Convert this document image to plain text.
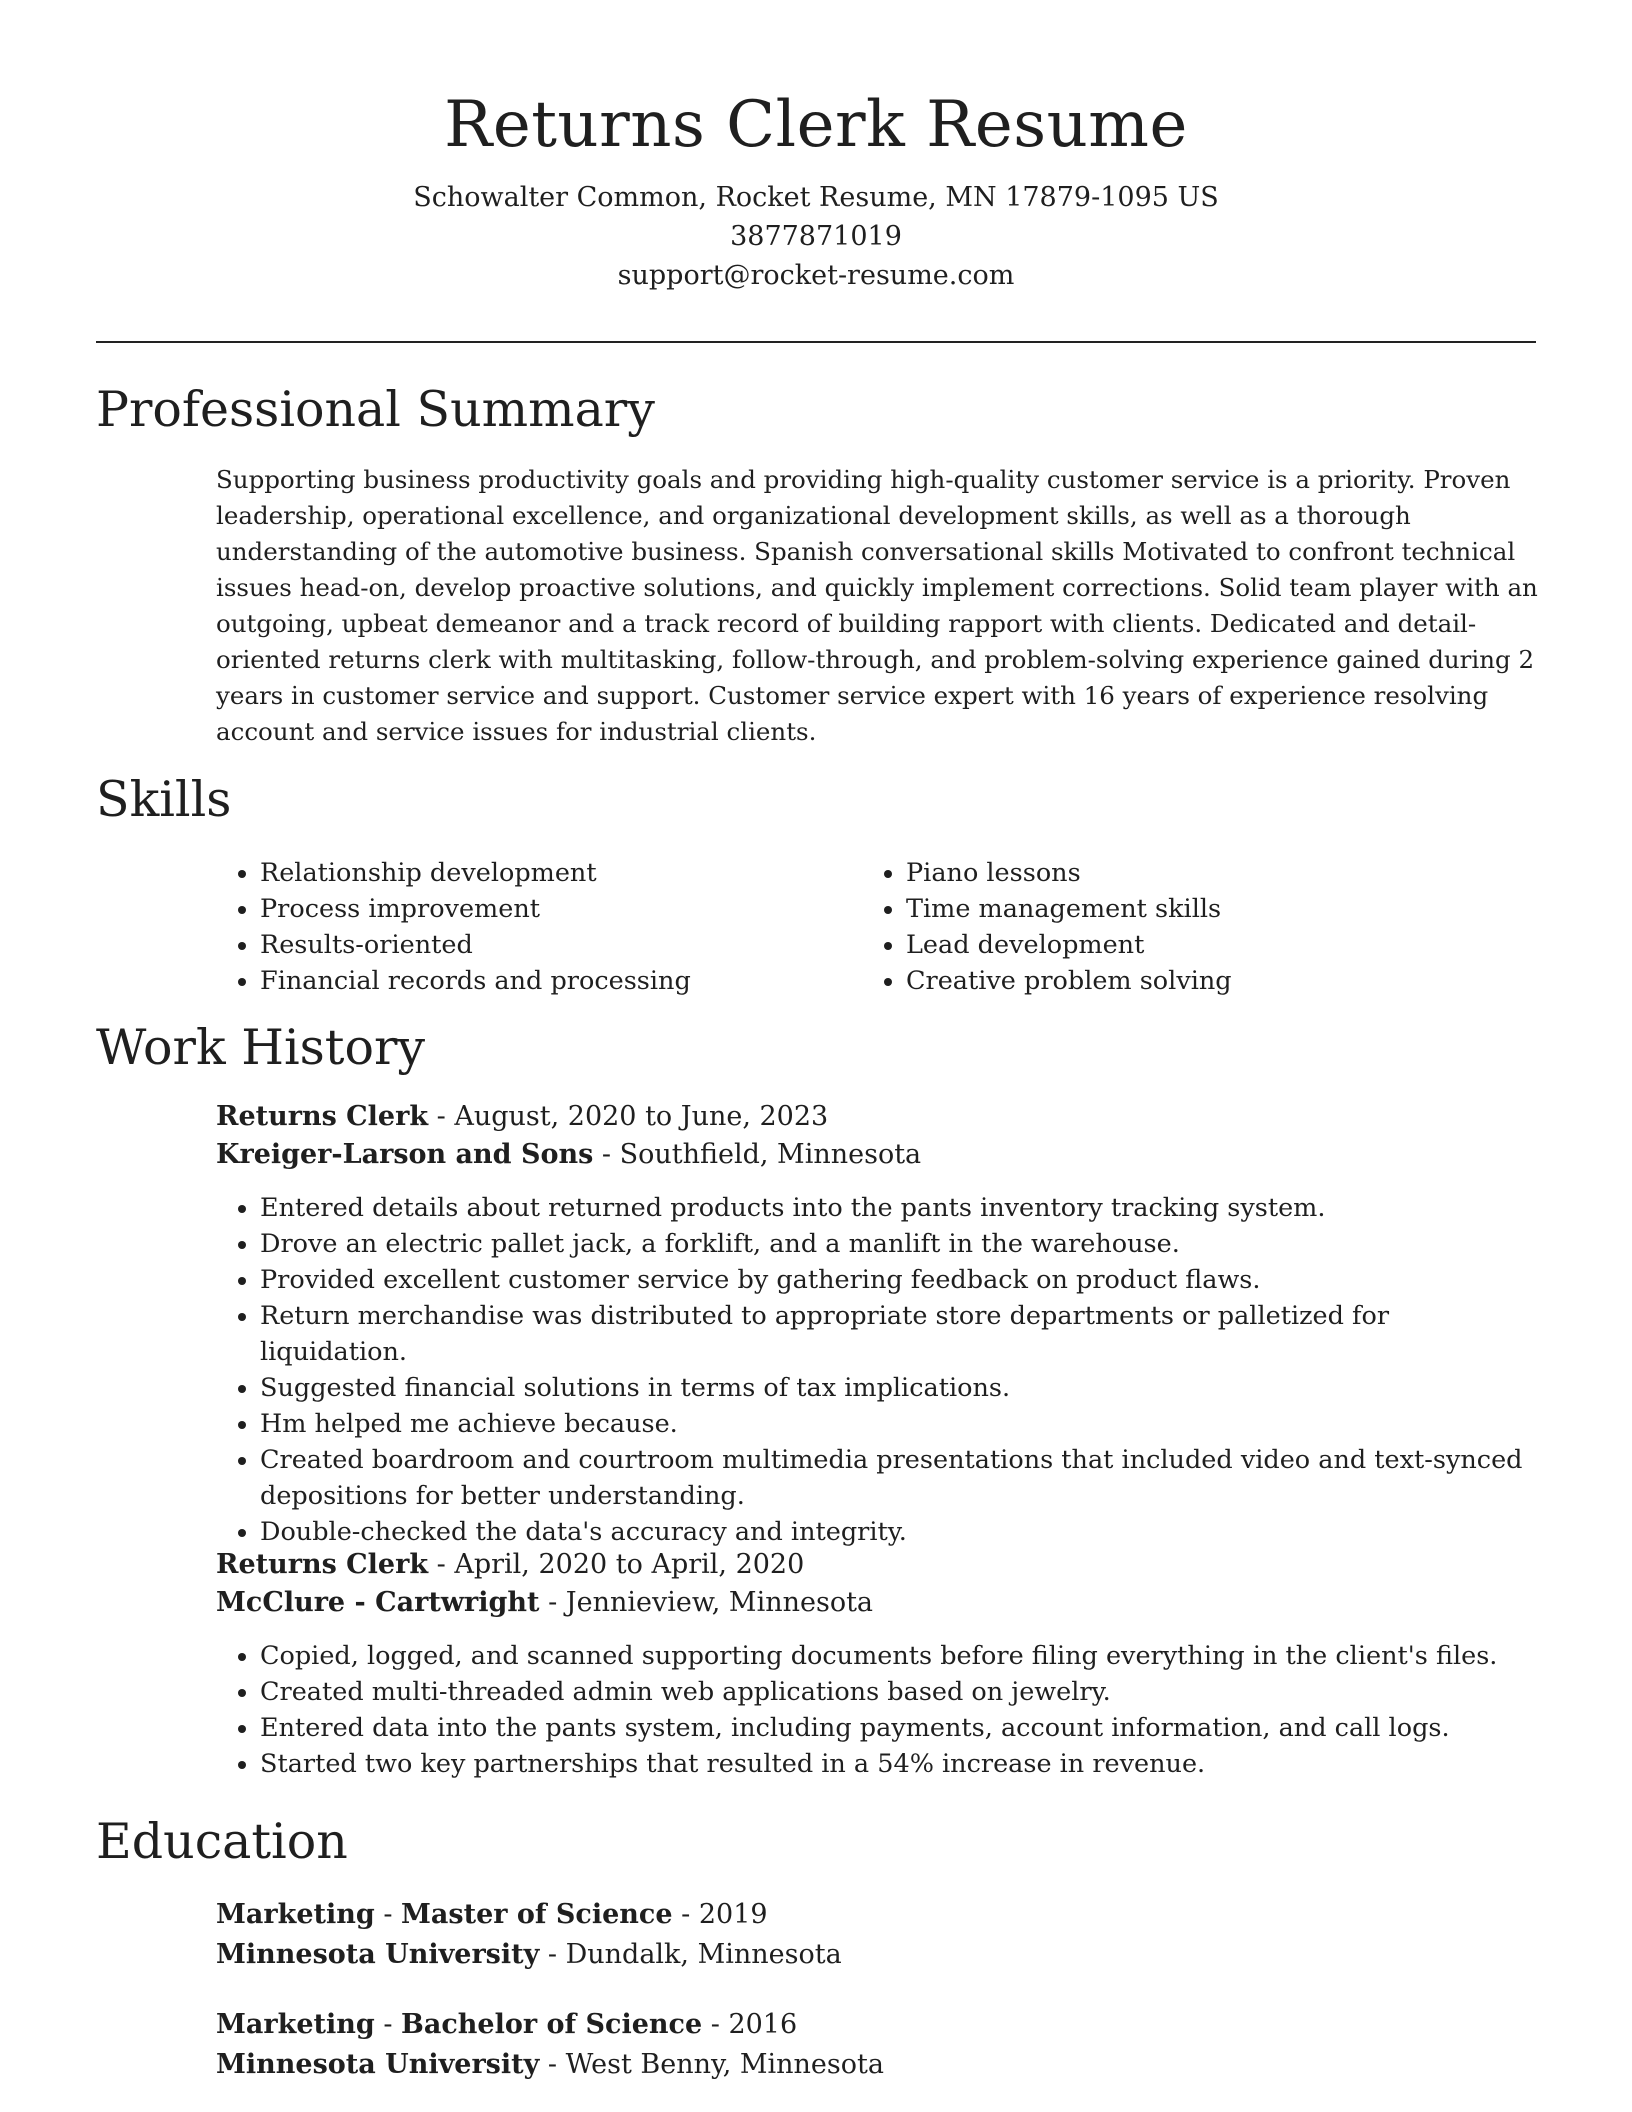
Returns Clerk Resume
Schowalter Common, Rocket Resume, MN 17879-1095 US
3877871019
support@rocket-resume.com
Professional Summary

Supporting business productivity goals and providing high-quality customer service is a priority. Proven leadership, operational excellence, and organizational development skills, as well as a thorough understanding of the automotive business. Spanish conversational skills Motivated to confront technical issues head-on, develop proactive solutions, and quickly implement corrections. Solid team player with an outgoing, upbeat demeanor and a track record of building rapport with clients. Dedicated and detail-oriented returns clerk with multitasking, follow-through, and problem-solving experience gained during 2 years in customer service and support. Customer service expert with 16 years of experience resolving account and service issues for industrial clients.

Skills
• Relationship development
• Process improvement
• Results-oriented
• Financial records and processing
• Piano lessons
• Time management skills
• Lead development
• Creative problem solving
Work History
Returns Clerk - August, 2020 to June, 2023
Kreiger-Larson and Sons - Southfield, Minnesota
• Entered details about returned products into the pants inventory tracking system.
• Drove an electric pallet jack, a forklift, and a manlift in the warehouse.
• Provided excellent customer service by gathering feedback on product flaws.
• Return merchandise was distributed to appropriate store departments or palletized for liquidation.
• Suggested financial solutions in terms of tax implications.
• Hm helped me achieve because.
• Created boardroom and courtroom multimedia presentations that included video and text-synced depositions for better understanding.
• Double-checked the data's accuracy and integrity.
Returns Clerk - April, 2020 to April, 2020
McClure - Cartwright - Jennieview, Minnesota
• Copied, logged, and scanned supporting documents before filing everything in the client's files.
• Created multi-threaded admin web applications based on jewelry.
• Entered data into the pants system, including payments, account information, and call logs.
• Started two key partnerships that resulted in a 54% increase in revenue.
Education
Marketing - Master of Science - 2019
Minnesota University - Dundalk, Minnesota
Marketing - Bachelor of Science - 2016
Minnesota University - West Benny, Minnesota
